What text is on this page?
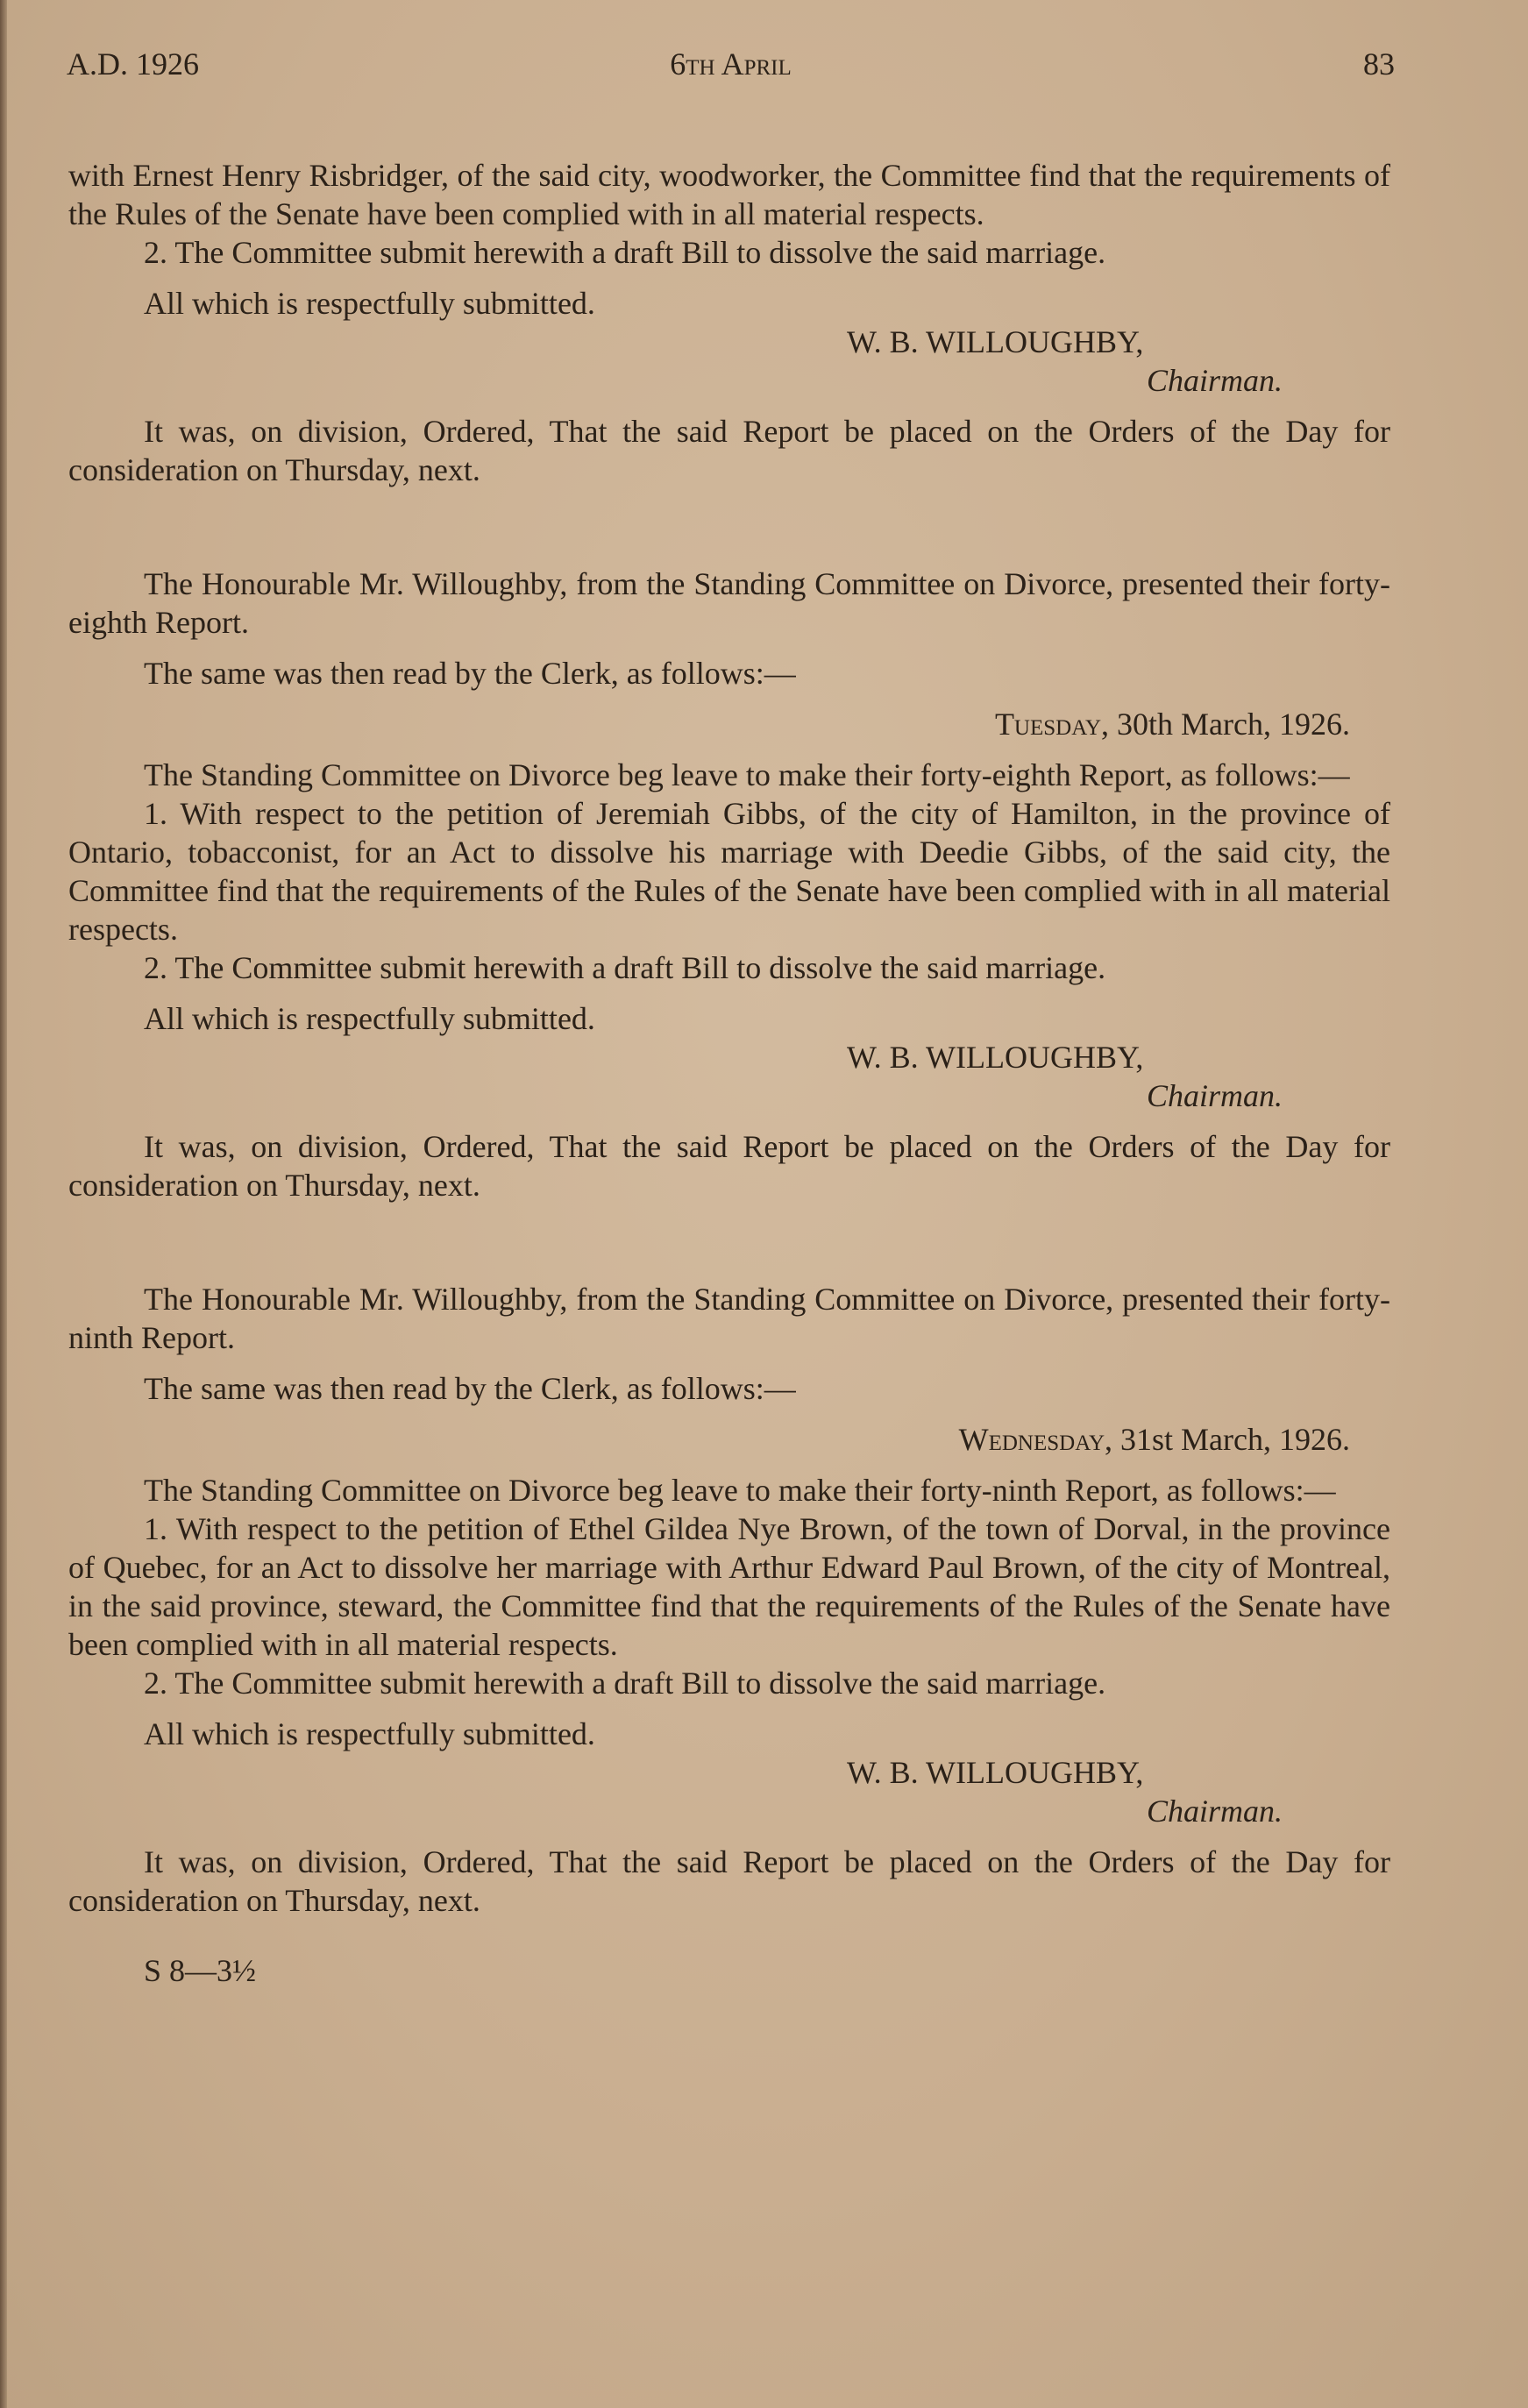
A.D. 1926	6th April	83

with Ernest Henry Risbridger, of the said city, woodworker, the Committee find that the requirements of the Rules of the Senate have been complied with in all material respects.

2. The Committee submit herewith a draft Bill to dissolve the said marriage.

All which is respectfully submitted.

W. B. WILLOUGHBY,

Chairman.

It was, on division, Ordered, That the said Report be placed on the Orders of the Day for consideration on Thursday, next.

The Honourable Mr. Willoughby, from the Standing Committee on Divorce, presented their forty-eighth Report.

The same was then read by the Clerk, as follows:—

Tuesday, 30th March, 1926.

The Standing Committee on Divorce beg leave to make their forty-eighth Report, as follows:—

1. With respect to the petition of Jeremiah Gibbs, of the city of Hamilton, in the province of Ontario, tobacconist, for an Act to dissolve his marriage with Deedie Gibbs, of the said city, the Committee find that the requirements of the Rules of the Senate have been complied with in all material respects.

2. The Committee submit herewith a draft Bill to dissolve the said marriage.

All which is respectfully submitted.

W. B. WILLOUGHBY,

Chairman.

It was, on division, Ordered, That the said Report be placed on the Orders of the Day for consideration on Thursday, next.

The Honourable Mr. Willoughby, from the Standing Committee on Divorce, presented their forty-ninth Report.

The same was then read by the Clerk, as follows:—

Wednesday, 31st March, 1926.

The Standing Committee on Divorce beg leave to make their forty-ninth Report, as follows:—

1. With respect to the petition of Ethel Gildea Nye Brown, of the town of Dorval, in the province of Quebec, for an Act to dissolve her marriage with Arthur Edward Paul Brown, of the city of Montreal, in the said province, steward, the Committee find that the requirements of the Rules of the Senate have been complied with in all material respects.

2. The Committee submit herewith a draft Bill to dissolve the said marriage.

All which is respectfully submitted.

W. B. WILLOUGHBY,

Chairman.

It was, on division, Ordered, That the said Report be placed on the Orders of the Day for consideration on Thursday, next.

S 8—3½
